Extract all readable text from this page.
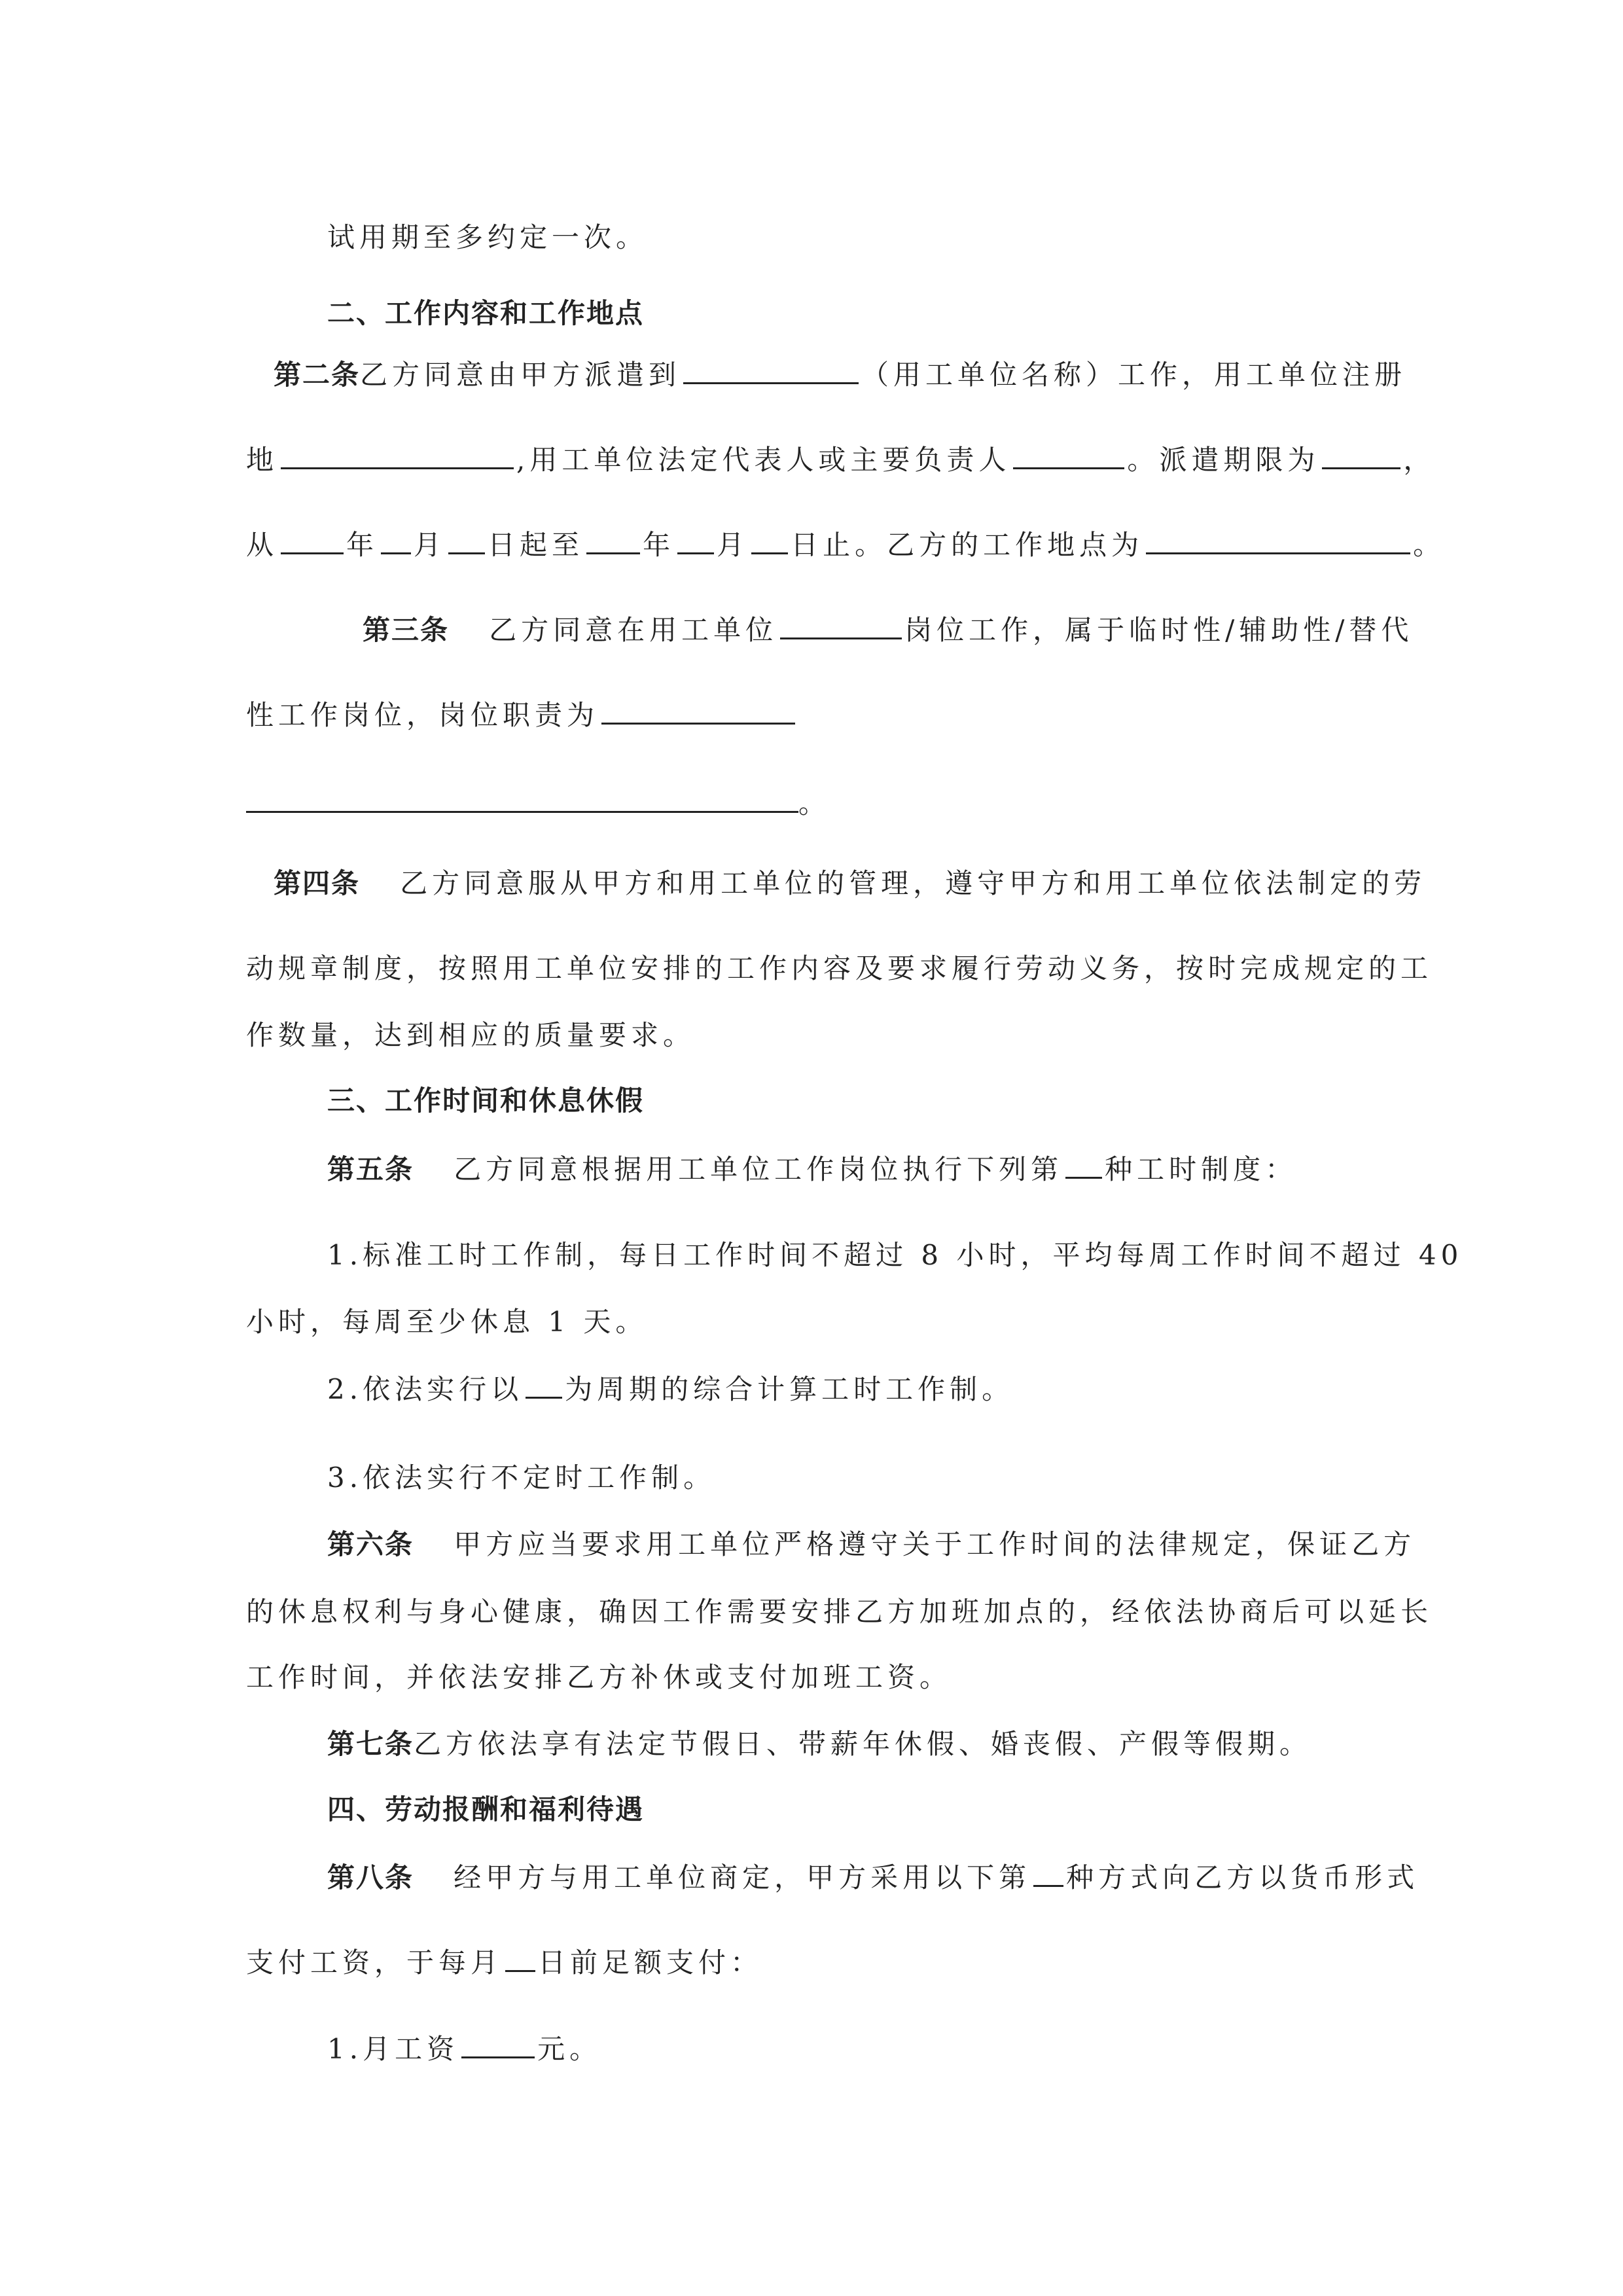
试用期至多约定一次。
二、工作内容和工作地点
第二条乙方同意由甲方派遣到	（用工单位名称）工作，用工单位注册
地	,用工单位法定代表人或主要负责人	。派遣期限为	，
从 年 月 日起至 年 月 日止。乙方的工作地点为	。
第三条 乙方同意在用工单位	岗位工作，属于临时性/辅助性/替代
性工作岗位，岗位职责为
。
第四条 乙方同意服从甲方和用工单位的管理，遵守甲方和用工单位依法制定的劳
动规章制度，按照用工单位安排的工作内容及要求履行劳动义务，按时完成规定的工
作数量，达到相应的质量要求。
三、工作时间和休息休假
第五条 乙方同意根据用工单位工作岗位执行下列第 种工时制度：
1.标准工时工作制，每日工作时间不超过 8 小时，平均每周工作时间不超过 40
小时，每周至少休息 1 天。
2.依法实行以 为周期的综合计算工时工作制。
3.依法实行不定时工作制。
第六条 甲方应当要求用工单位严格遵守关于工作时间的法律规定，保证乙方
的休息权利与身心健康，确因工作需要安排乙方加班加点的，经依法协商后可以延长
工作时间，并依法安排乙方补休或支付加班工资。
第七条乙方依法享有法定节假日、带薪年休假、婚丧假、产假等假期。
四、劳动报酬和福利待遇
第八条 经甲方与用工单位商定，甲方采用以下第 种方式向乙方以货币形式
支付工资，于每月 日前足额支付：
1.月工资	元。
